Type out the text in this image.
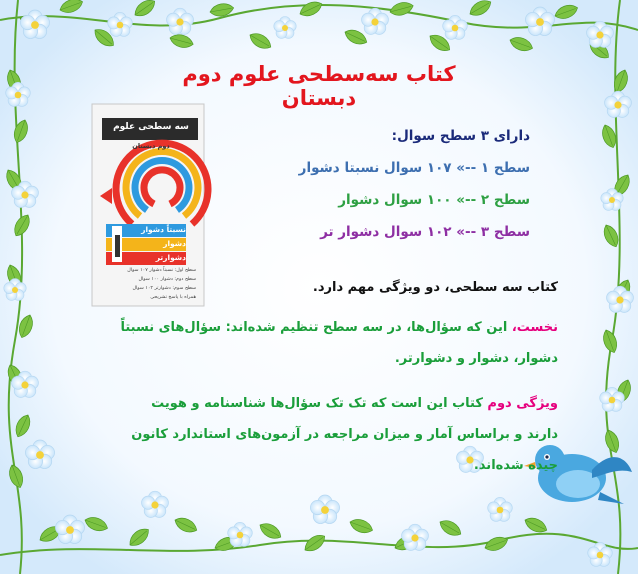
سه سطحی علوم
دوم دبستان
نسبتاً دشوار
دشوار
دشوارتر
سطح اول: نسبتاً دشوار ۱۰۷ سوال
سطح دوم: دشوار ۱۰۰ سوال
سطح سوم: دشوارتر ۱۰۲ سوال
همراه با پاسخ تشریحی
کتاب سه‌سطحی علوم دوم دبستان
دارای ۳ سطح سوال:
سطح ۱ --» ۱۰۷ سوال نسبتا دشوار
سطح ۲ --» ۱۰۰ سوال دشوار
سطح ۳ --» ۱۰۲ سوال دشوار تر
کتاب سه سطحی، دو ویژگی مهم دارد.
نخست، این که سؤال‌ها، در سه سطح تنظیم شده‌اند: سؤال‌های نسبتاً دشوار، دشوار و دشوارتر.
ویژگی دوم کتاب این است که تک تک سؤال‌ها شناسنامه و هویت دارند و براساس آمار و میزان مراجعه در آزمون‌های استاندارد کانون چیده شده‌اند.
